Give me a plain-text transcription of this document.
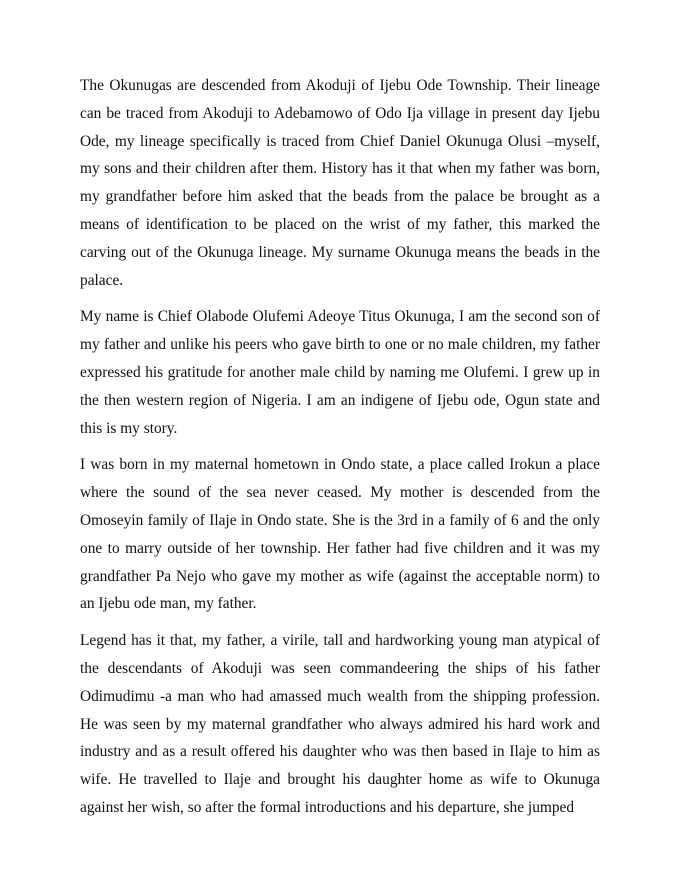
The Okunugas are descended from Akoduji of Ijebu Ode Township. Their lineage can be traced from Akoduji to Adebamowo of Odo Ija village in present day Ijebu Ode, my lineage specifically is traced from Chief Daniel Okunuga Olusi –myself, my sons and their children after them. History has it that when my father was born, my grandfather before him asked that the beads from the palace be brought as a means of identification to be placed on the wrist of my father, this marked the carving out of the Okunuga lineage. My surname Okunuga means the beads in the palace.

My name is Chief Olabode Olufemi Adeoye Titus Okunuga, I am the second son of my father and unlike his peers who gave birth to one or no male children, my father expressed his gratitude for another male child by naming me Olufemi. I grew up in the then western region of Nigeria. I am an indigene of Ijebu ode, Ogun state and this is my story.

I was born in my maternal hometown in Ondo state, a place called Irokun a place where the sound of the sea never ceased. My mother is descended from the Omoseyin family of Ilaje in Ondo state. She is the 3rd in a family of 6 and the only one to marry outside of her township. Her father had five children and it was my grandfather Pa Nejo who gave my mother as wife (against the acceptable norm) to an Ijebu ode man, my father.

Legend has it that, my father, a virile, tall and hardworking young man atypical of the descendants of Akoduji was seen commandeering the ships of his father Odimudimu -a man who had amassed much wealth from the shipping profession. He was seen by my maternal grandfather who always admired his hard work and industry and as a result offered his daughter who was then based in Ilaje to him as wife. He travelled to Ilaje and brought his daughter home as wife to Okunuga against her wish, so after the formal introductions and his departure, she jumped
